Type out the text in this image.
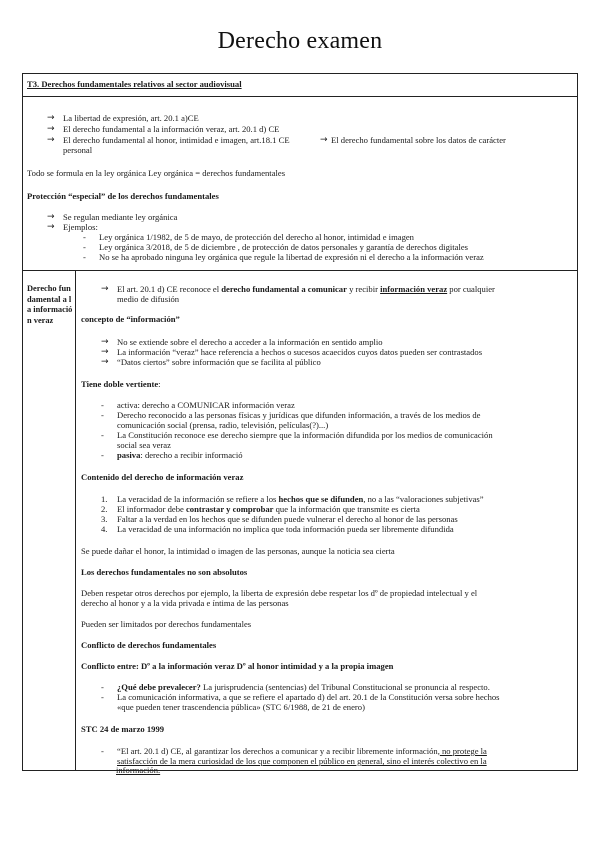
Derecho examen
T3. Derechos fundamentales relativos al sector audiovisual
→ La libertad de expresión, art. 20.1 a)CE
→ El derecho fundamental a la información veraz, art. 20.1 d) CE
→ El derecho fundamental al honor, intimidad e imagen, art.18.1 CE	→ El derecho fundamental sobre los datos de carácter
personal
Todo se formula en la ley orgánica Ley orgánica = derechos fundamentales
Protección “especial” de los derechos fundamentales
→ Se regulan mediante ley orgánica
→ Ejemplos:
- Ley orgánica 1/1982, de 5 de mayo, de protección del derecho al honor, intimidad e imagen
- Ley orgánica 3/2018, de 5 de diciembre , de protección de datos personales y garantía de derechos digitales
- No se ha aprobado ninguna ley orgánica que regule la libertad de expresión ni el derecho a la información veraz
Derecho fundamental a la información veraz
→ El art. 20.1 d) CE reconoce el derecho fundamental a comunicar y recibir información veraz por cualquier
medio de difusión
concepto de “información”
→ No se extiende sobre el derecho a acceder a la información en sentido amplio
→ La información “veraz” hace referencia a hechos o sucesos acaecidos cuyos datos pueden ser contrastados
→ “Datos ciertos” sobre información que se facilita al público
Tiene doble vertiente:
- activa: derecho a COMUNICAR información veraz
- Derecho reconocido a las personas físicas y jurídicas que difunden información, a través de los medios de
comunicación social (prensa, radio, televisión, películas(?)...)
- La Constitución reconoce ese derecho siempre que la información difundida por los medios de comunicación
social sea veraz
- pasiva: derecho a recibir informació
Contenido del derecho de información veraz
1. La veracidad de la información se refiere a los hechos que se difunden, no a las “valoraciones subjetivas”
2. El informador debe contrastar y comprobar que la información que transmite es cierta
3. Faltar a la verdad en los hechos que se difunden puede vulnerar el derecho al honor de las personas
4. La veracidad de una información no implica que toda información pueda ser libremente difundida
Se puede dañar el honor, la intimidad o imagen de las personas, aunque la noticia sea cierta
Los derechos fundamentales no son absolutos
Deben respetar otros derechos por ejemplo, la liberta de expresión debe respetar los dº de propiedad intelectual y el
derecho al honor y a la vida privada e íntima de las personas
Pueden ser limitados por derechos fundamentales
Conflicto de derechos fundamentales
Conflicto entre: Dº a la información veraz Dº al honor intimidad y a la propia imagen
- ¿Qué debe prevalecer? La jurisprudencia (sentencias) del Tribunal Constitucional se pronuncia al respecto.
- La comunicación informativa, a que se refiere el apartado d) del art. 20.1 de la Constitución versa sobre hechos
«que pueden tener trascendencia pública» (STC 6/1988, de 21 de enero)
STC 24 de marzo 1999
- “El art. 20.1 d) CE, al garantizar los derechos a comunicar y a recibir libremente información, no protege la
satisfacción de la mera curiosidad de los que componen el público en general, sino el interés colectivo en la
información.
